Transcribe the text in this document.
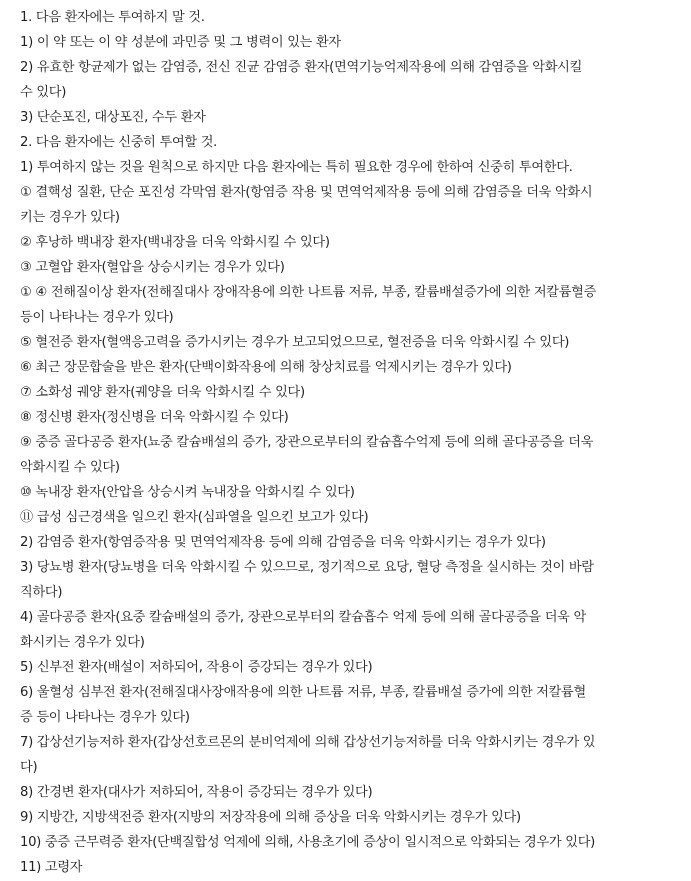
1. 다음 환자에는 투여하지 말 것.

1) 이 약 또는 이 약 성분에 과민증 및 그 병력이 있는 환자

2) 유효한 항균제가 없는 감염증, 전신 진균 감염증 환자(면역기능억제작용에 의해 감염증을 악화시킬

수 있다)

3) 단순포진, 대상포진, 수두 환자

2. 다음 환자에는 신중히 투여할 것.

1) 투여하지 않는 것을 원칙으로 하지만 다음 환자에는 특히 필요한 경우에 한하여 신중히 투여한다.

① 결핵성 질환, 단순 포진성 각막염 환자(항염증 작용 및 면역억제작용 등에 의해 감염증을 더욱 악화시

키는 경우가 있다)

② 후낭하 백내장 환자(백내장을 더욱 악화시킬 수 있다)

③ 고혈압 환자(혈압을 상승시키는 경우가 있다)

① ④ 전해질이상 환자(전해질대사 장애작용에 의한 나트륨 저류, 부종, 칼륨배설증가에 의한 저칼륨혈증

등이 나타나는 경우가 있다)

⑤ 혈전증 환자(혈액응고력을 증가시키는 경우가 보고되었으므로, 혈전증을 더욱 악화시킬 수 있다)

⑥ 최근 장문합술을 받은 환자(단백이화작용에 의해 창상치료를 억제시키는 경우가 있다)

⑦ 소화성 궤양 환자(궤양을 더욱 악화시킬 수 있다)

⑧ 정신병 환자(정신병을 더욱 악화시킬 수 있다)

⑨ 중증 골다공증 환자(뇨중 칼슘배설의 증가, 장관으로부터의 칼슘흡수억제 등에 의해 골다공증을 더욱

악화시킬 수 있다)

⑩ 녹내장 환자(안압을 상승시켜 녹내장을 악화시킬 수 있다)

⑪ 급성 심근경색을 일으킨 환자(심파열을 일으킨 보고가 있다)

2) 감염증 환자(항염증작용 및 면역억제작용 등에 의해 감염증을 더욱 악화시키는 경우가 있다)

3) 당뇨병 환자(당뇨병을 더욱 악화시킬 수 있으므로, 정기적으로 요당, 혈당 측정을 실시하는 것이 바람

직하다)

4) 골다공증 환자(요중 칼슘배설의 증가, 장관으로부터의 칼슘흡수 억제 등에 의해 골다공증을 더욱 악

화시키는 경우가 있다)

5) 신부전 환자(배설이 저하되어, 작용이 증강되는 경우가 있다)

6) 울혈성 심부전 환자(전해질대사장애작용에 의한 나트륨 저류, 부종, 칼륨배설 증가에 의한 저칼륨혈

증 등이 나타나는 경우가 있다)

7) 갑상선기능저하 환자(갑상선호르몬의 분비억제에 의해 갑상선기능저하를 더욱 악화시키는 경우가 있

다)

8) 간경변 환자(대사가 저하되어, 작용이 증강되는 경우가 있다)

9) 지방간, 지방색전증 환자(지방의 저장작용에 의해 증상을 더욱 악화시키는 경우가 있다)

10) 중증 근무력증 환자(단백질합성 억제에 의해, 사용초기에 증상이 일시적으로 악화되는 경우가 있다)

11) 고령자
